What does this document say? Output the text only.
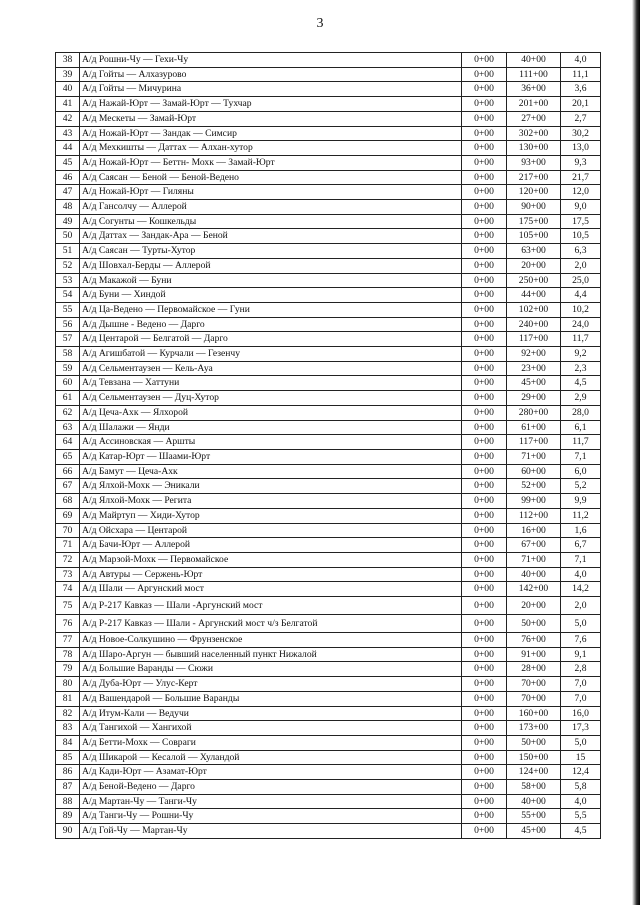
3
38	А/д Рошни-Чу — Гехи-Чу	0+00	40+00	4,0
39	А/д Гойты — Алхазурово	0+00	111+00	11,1
40	А/д Гойты — Мичурина	0+00	36+00	3,6
41	А/д Нажай-Юрт — Замай-Юрт — Тухчар	0+00	201+00	20,1
42	А/д Мескеты — Замай-Юрт	0+00	27+00	2,7
43	А/д Ножай-Юрт — Зандак — Симсир	0+00	302+00	30,2
44	А/д Мехкишты — Даттах — Алхан-хутор	0+00	130+00	13,0
45	А/д Ножай-Юрт — Беттн- Мохк — Замай-Юрт	0+00	93+00	9,3
46	А/д Саясан — Беной — Беной-Ведено	0+00	217+00	21,7
47	А/д Ножай-Юрт — Гиляны	0+00	120+00	12,0
48	А/д Гансолчу — Аллерой	0+00	90+00	9,0
49	А/д Согунты — Кошкельды	0+00	175+00	17,5
50	А/д Даттах — Зандак-Ара — Беной	0+00	105+00	10,5
51	А/д Саясан — Турты-Хутор	0+00	63+00	6,3
52	А/д Шовхал-Берды — Аллерой	0+00	20+00	2,0
53	А/д Макажой — Буни	0+00	250+00	25,0
54	А/д Буни — Хиндой	0+00	44+00	4,4
55	А/д Ца-Ведено — Первомайское — Гуни	0+00	102+00	10,2
56	А/д Дышне - Ведено — Дарго	0+00	240+00	24,0
57	А/д Центарой — Белгатой — Дарго	0+00	117+00	11,7
58	А/д Агишбатой — Курчали — Гезенчу	0+00	92+00	9,2
59	А/д Сельментаузен — Кель-Ауа	0+00	23+00	2,3
60	А/д Тевзана — Хаттуни	0+00	45+00	4,5
61	А/д Сельментаузен — Дуц-Хутор	0+00	29+00	2,9
62	А/д Цеча-Ахк — Ялхорой	0+00	280+00	28,0
63	А/д Шалажи — Янди	0+00	61+00	6,1
64	А/д Ассиновская — Аршты	0+00	117+00	11,7
65	А/д Катар-Юрт — Шаами-Юрт	0+00	71+00	7,1
66	А/д Бамут — Цеча-Ахк	0+00	60+00	6,0
67	А/д Ялхой-Мохк — Эникали	0+00	52+00	5,2
68	А/д Ялхой-Мохк — Регита	0+00	99+00	9,9
69	А/д Майртуп — Хиди-Хутор	0+00	112+00	11,2
70	А/д Ойсхара — Центарой	0+00	16+00	1,6
71	А/д Бачи-Юрт — Аллерой	0+00	67+00	6,7
72	А/д Марзой-Мохк — Первомайское	0+00	71+00	7,1
73	А/д Автуры — Сержень-Юрт	0+00	40+00	4,0
74	А/д Шали — Аргунский мост	0+00	142+00	14,2
75	А/д Р-217 Кавказ — Шали -Аргунский мост	0+00	20+00	2,0
76	А/д Р-217 Кавказ — Шали - Аргунский мост ч/з Белгатой	0+00	50+00	5,0
77	А/д Новое-Солкушино — Фрунзенское	0+00	76+00	7,6
78	А/д Шаро-Аргун — бывший населенный пункт Нижалой	0+00	91+00	9,1
79	А/д Большие Варанды — Сюжи	0+00	28+00	2,8
80	А/д Дуба-Юрт — Улус-Керт	0+00	70+00	7,0
81	А/д Вашендарой — Большие Варанды	0+00	70+00	7,0
82	А/д Итум-Кали — Ведучи	0+00	160+00	16,0
83	А/д Тангихой — Хангихой	0+00	173+00	17,3
84	А/д Бетти-Мохк — Совраги	0+00	50+00	5,0
85	А/д Шикарой — Кесалой — Хуландой	0+00	150+00	15
86	А/д Кади-Юрт — Азамат-Юрт	0+00	124+00	12,4
87	А/д Беной-Ведено — Дарго	0+00	58+00	5,8
88	А/д Мартан-Чу — Танги-Чу	0+00	40+00	4,0
89	А/д Танги-Чу — Рошни-Чу	0+00	55+00	5,5
90	А/д Гой-Чу — Мартан-Чу	0+00	45+00	4,5
